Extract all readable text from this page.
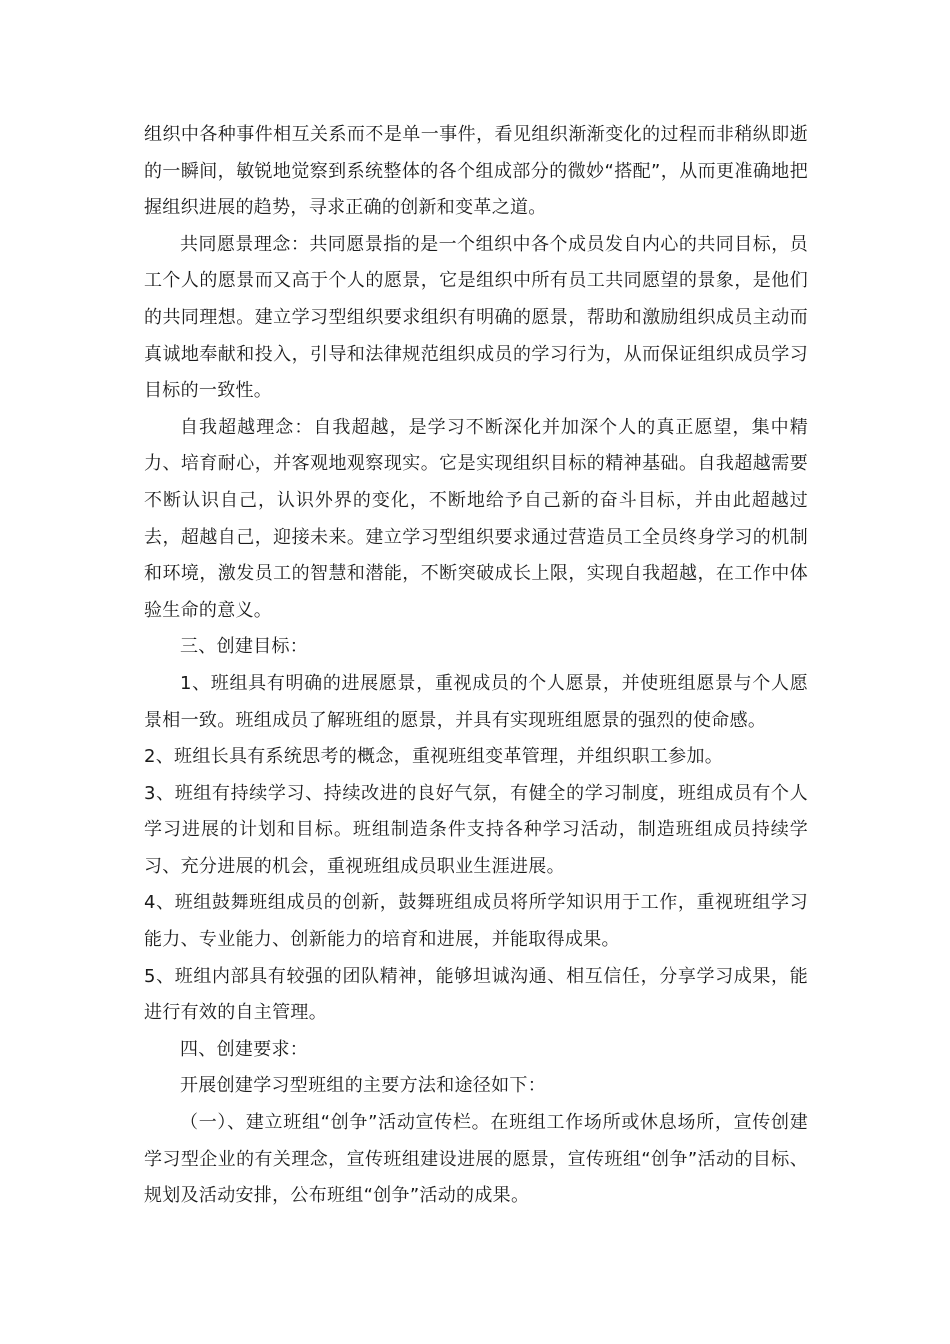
组织中各种事件相互关系而不是单一事件，看见组织渐渐变化的过程而非稍纵即逝的一瞬间，敏锐地觉察到系统整体的各个组成部分的微妙“搭配”，从而更准确地把握组织进展的趋势，寻求正确的创新和变革之道。

共同愿景理念：共同愿景指的是一个组织中各个成员发自内心的共同目标，员工个人的愿景而又高于个人的愿景，它是组织中所有员工共同愿望的景象，是他们的共同理想。建立学习型组织要求组织有明确的愿景，帮助和激励组织成员主动而真诚地奉献和投入，引导和法律规范组织成员的学习行为，从而保证组织成员学习目标的一致性。

自我超越理念：自我超越，是学习不断深化并加深个人的真正愿望，集中精力、培育耐心，并客观地观察现实。它是实现组织目标的精神基础。自我超越需要不断认识自己，认识外界的变化，不断地给予自己新的奋斗目标，并由此超越过去，超越自己，迎接未来。建立学习型组织要求通过营造员工全员终身学习的机制和环境，激发员工的智慧和潜能，不断突破成长上限，实现自我超越，在工作中体验生命的意义。

三、创建目标：

1、班组具有明确的进展愿景，重视成员的个人愿景，并使班组愿景与个人愿景相一致。班组成员了解班组的愿景，并具有实现班组愿景的强烈的使命感。

2、班组长具有系统思考的概念，重视班组变革管理，并组织职工参加。

3、班组有持续学习、持续改进的良好气氛，有健全的学习制度，班组成员有个人学习进展的计划和目标。班组制造条件支持各种学习活动，制造班组成员持续学习、充分进展的机会，重视班组成员职业生涯进展。

4、班组鼓舞班组成员的创新，鼓舞班组成员将所学知识用于工作，重视班组学习能力、专业能力、创新能力的培育和进展，并能取得成果。

5、班组内部具有较强的团队精神，能够坦诚沟通、相互信任，分享学习成果，能进行有效的自主管理。

四、创建要求：

开展创建学习型班组的主要方法和途径如下：

（一）、建立班组“创争”活动宣传栏。在班组工作场所或休息场所，宣传创建学习型企业的有关理念，宣传班组建设进展的愿景，宣传班组“创争”活动的目标、规划及活动安排，公布班组“创争”活动的成果。
